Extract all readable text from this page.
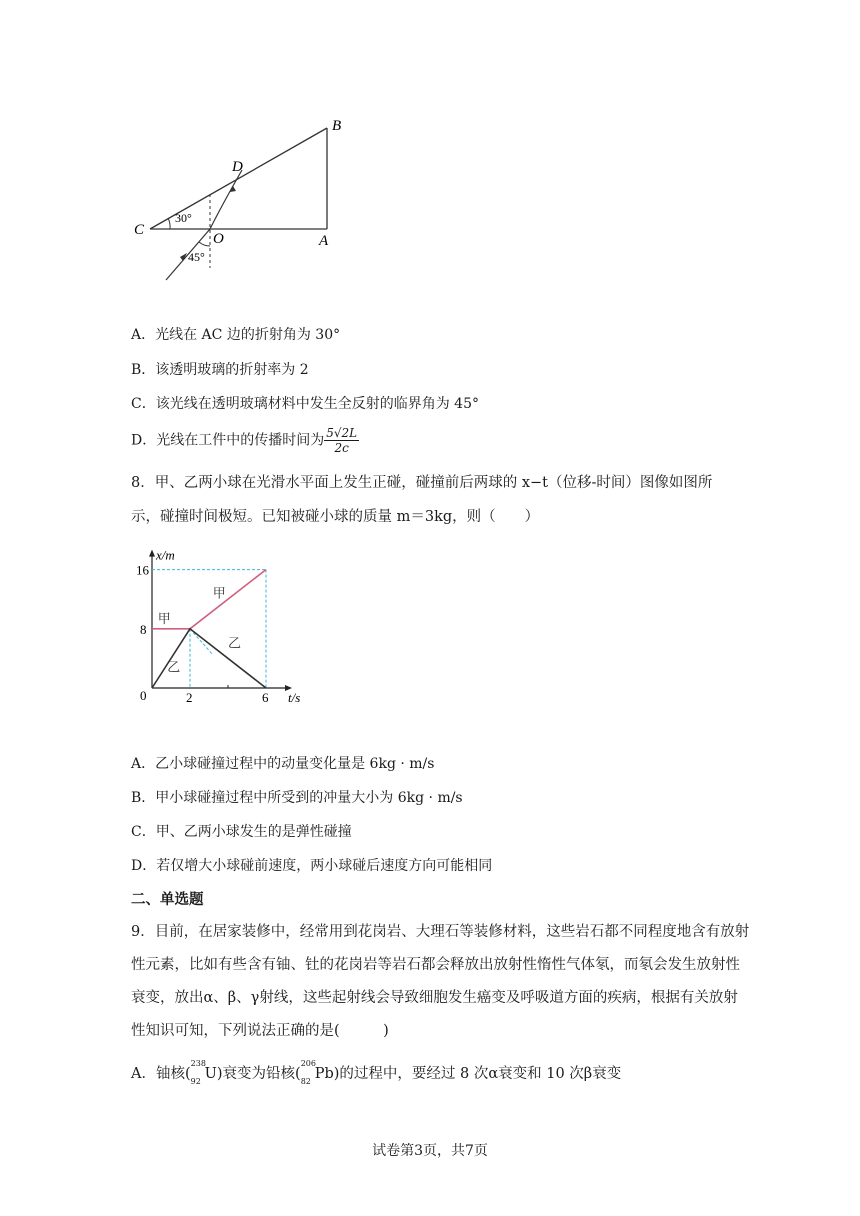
B
D
C
O	A
30°
45°
A．光线在 AC 边的折射角为 30°
B．该透明玻璃的折射率为 2
C．该光线在透明玻璃材料中发生全反射的临界角为 45°
D．光线在工件中的传播时间为 $\frac{5√2L}{2c}$
8．甲、乙两小球在光滑水平面上发生正碰，碰撞前后两球的 x−t（位移-时间）图像如图所
示，碰撞时间极短。已知被碰小球的质量 m＝3kg，则（　　）
x/m
t/s
16
8
0	2	6
甲
甲
乙
乙
A．乙小球碰撞过程中的动量变化量是 6kg · m/s
B．甲小球碰撞过程中所受到的冲量大小为 6kg · m/s
C．甲、乙两小球发生的是弹性碰撞
D．若仅增大小球碰前速度，两小球碰后速度方向可能相同
二、单选题
9．目前，在居家装修中，经常用到花岗岩、大理石等装修材料，这些岩石都不同程度地含有放射性元素，比如有些含有铀、钍的花岗岩等岩石都会释放出放射性惰性气体氡，而氡会发生放射性衰变，放出α、β、γ射线，这些起射线会导致细胞发生癌变及呼吸道方面的疾病，根据有关放射性知识可知，下列说法正确的是(　　　)
A．铀核(
238
92 U)衰变为铅核(
206
82 Pb)的过程中，要经过 8 次α衰变和 10 次β衰变
试卷第3页，共7页
